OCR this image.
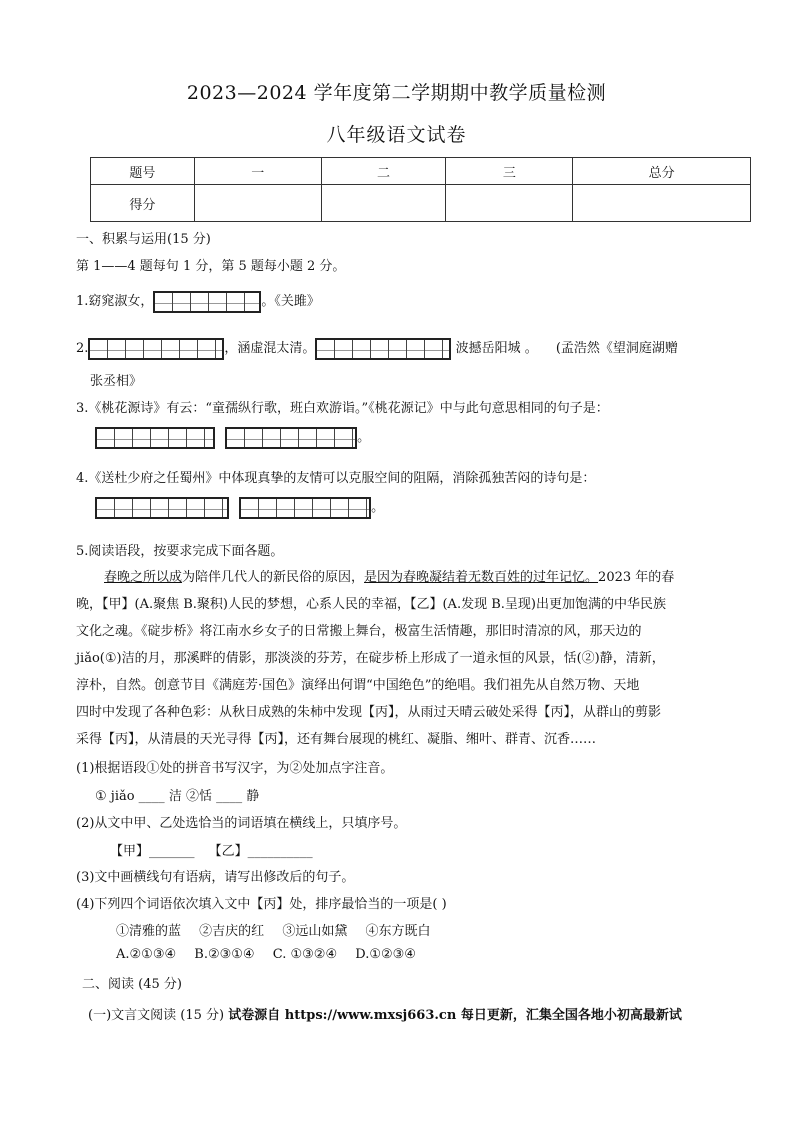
2023—2024 学年度第二学期期中教学质量检测
八年级语文试卷
题号	一	二	三	总分
得分				
一、积累与运用(15 分)
第 1——4 题每句 1 分，第 5 题每小题 2 分。
1.窈窕淑女，	。《关雎》
2.	，涵虚混太清。	波撼岳阳城 。 (孟浩然《望洞庭湖赠
张丞相》
3.《桃花源诗》有云：“童孺纵行歌，班白欢游诣。”《桃花源记》中与此句意思相同的句子是：
。
4.《送杜少府之任蜀州》中体现真挚的友情可以克服空间的阻隔，消除孤独苦闷的诗句是：
。
5.阅读语段，按要求完成下面各题。
春晚之所以成为陪伴几代人的新民俗的原因，是因为春晚凝结着无数百姓的过年记忆。2023 年的春
晚，【甲】(A.聚焦 B.聚积)人民的梦想，心系人民的幸福，【乙】(A.发现 B.呈现)出更加饱满的中华民族
文化之魂。《碇步桥》将江南水乡女子的日常搬上舞台，极富生活情趣，那旧时清凉的风，那天边的
jiǎo(①)洁的月，那溪畔的倩影，那淡淡的芬芳，在碇步桥上形成了一道永恒的风景，恬(②)静，清新，
淳朴，自然。创意节目《满庭芳·国色》演绎出何谓“中国绝色”的绝唱。我们祖先从自然万物、天地
四时中发现了各种色彩：从秋日成熟的朱柿中发现【丙】，从雨过天晴云破处采得【丙】，从群山的剪影
采得【丙】，从清晨的天光寻得【丙】，还有舞台展现的桃红、凝脂、缃叶、群青、沉香……
(1)根据语段①处的拼音书写汉字，为②处加点字注音。
① jiǎo ____ 洁 ②恬 ____ 静
(2)从文中甲、乙处选恰当的词语填在横线上，只填序号。
【甲】_______ 【乙】__________
(3)文中画横线句有语病，请写出修改后的句子。
(4)下列四个词语依次填入文中【丙】处，排序最恰当的一项是( )
①清雅的蓝 ②吉庆的红 ③远山如黛 ④东方既白
A.②①③④ B.②③①④ C. ①③②④ D.①②③④
二、阅读 (45 分)
(一)文言文阅读 (15 分) 试卷源自 https://www.mxsj663.cn 每日更新，汇集全国各地小初高最新试
